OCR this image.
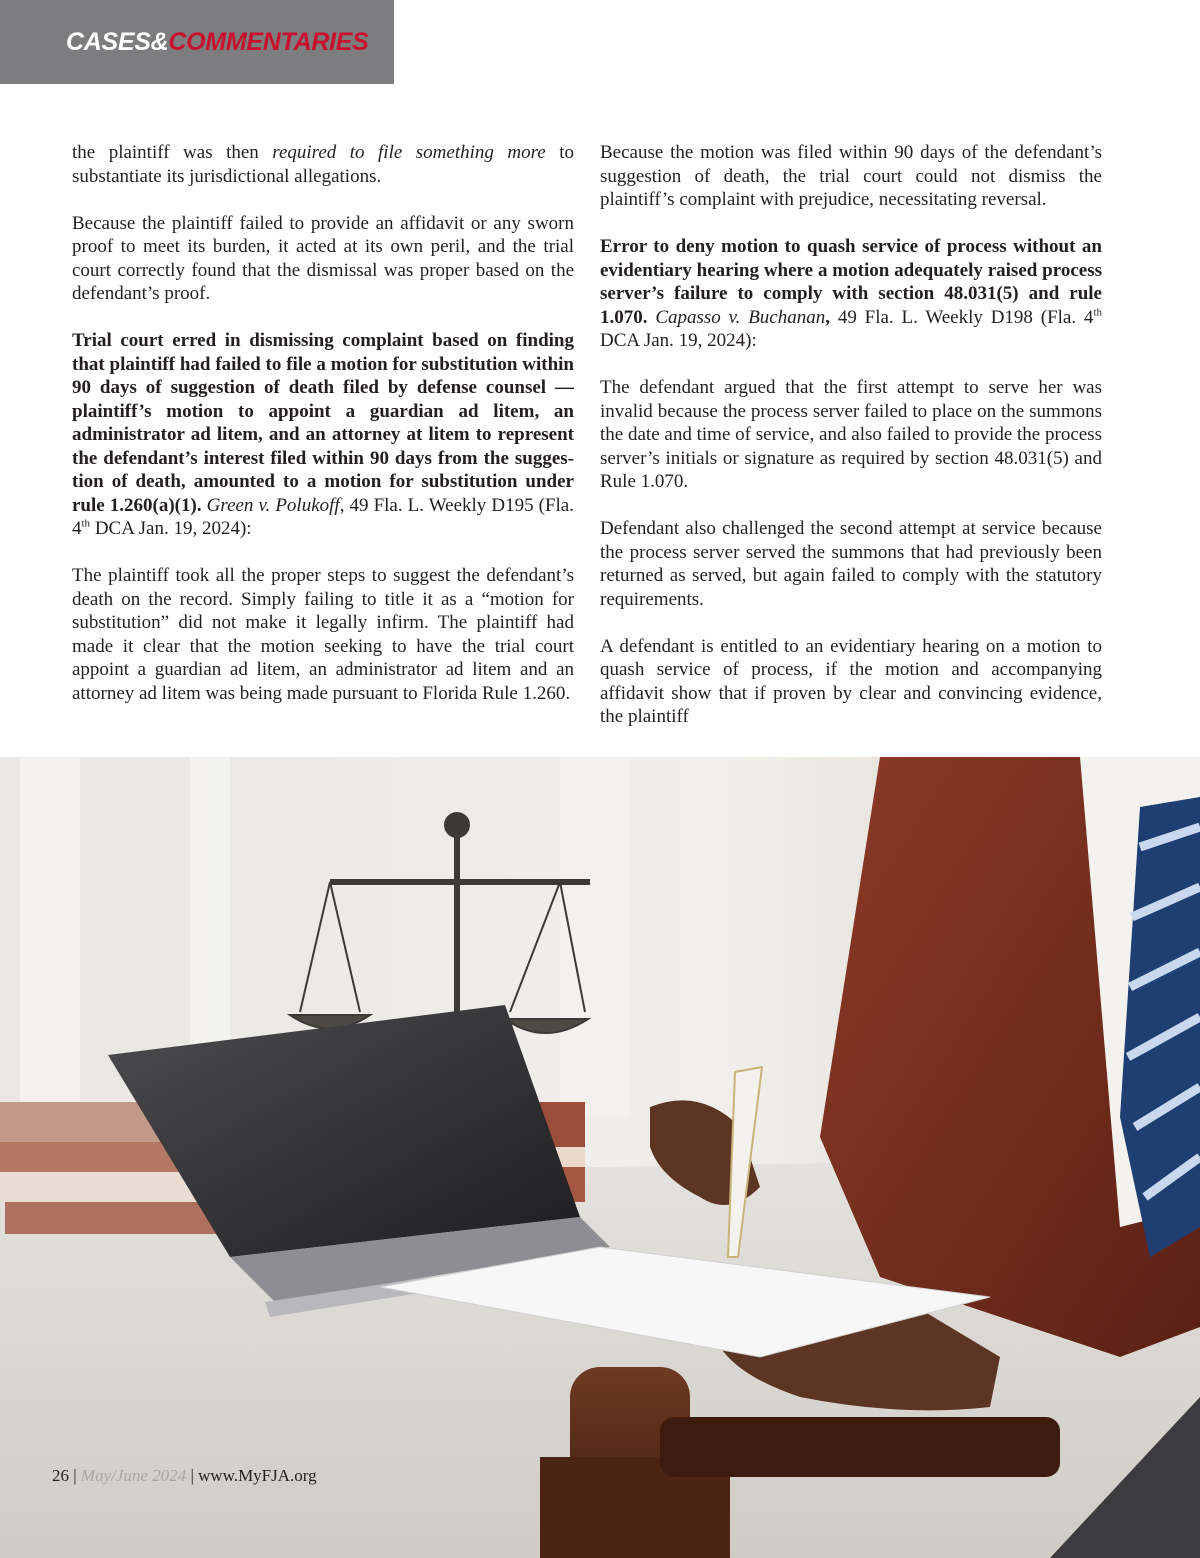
CASES&COMMENTARIES

the plaintiff was then required to file something more to substantiate its jurisdictional allegations.

Because the plaintiff failed to provide an affidavit or any sworn proof to meet its burden, it acted at its own peril, and the trial court correctly found that the dismissal was proper based on the defendant’s proof.

Trial court erred in dismissing complaint based on finding that plaintiff had failed to file a motion for substitution within 90 days of suggestion of death filed by defense counsel — plaintiff’s motion to appoint a guardian ad litem, an administrator ad litem, and an attorney at litem to represent the defendant’s interest filed within 90 days from the suggestion of death, amounted to a motion for substitution under rule 1.260(a)(1). Green v. Polukoff, 49 Fla. L. Weekly D195 (Fla. 4th DCA Jan. 19, 2024):

The plaintiff took all the proper steps to suggest the defendant’s death on the record. Simply failing to title it as a “motion for substitution” did not make it legally infirm. The plaintiff had made it clear that the motion seeking to have the trial court appoint a guardian ad litem, an administrator ad litem and an attorney ad litem was being made pursuant to Florida Rule 1.260.

Because the motion was filed within 90 days of the defendant’s suggestion of death, the trial court could not dismiss the plaintiff’s complaint with prejudice, necessitating reversal.

Error to deny motion to quash service of process without an evidentiary hearing where a motion adequately raised process server’s failure to comply with section 48.031(5) and rule 1.070. Capasso v. Buchanan, 49 Fla. L. Weekly D198 (Fla. 4th DCA Jan. 19, 2024):

The defendant argued that the first attempt to serve her was invalid because the process server failed to place on the summons the date and time of service, and also failed to provide the process server’s initials or signature as required by section 48.031(5) and Rule 1.070.

Defendant also challenged the second attempt at service because the process server served the summons that had previously been returned as served, but again failed to comply with the statutory requirements.

A defendant is entitled to an evidentiary hearing on a motion to quash service of process, if the motion and accompanying affidavit show that if proven by clear and convincing evidence, the plaintiff

26 | May/June 2024 | www.MyFJA.org
